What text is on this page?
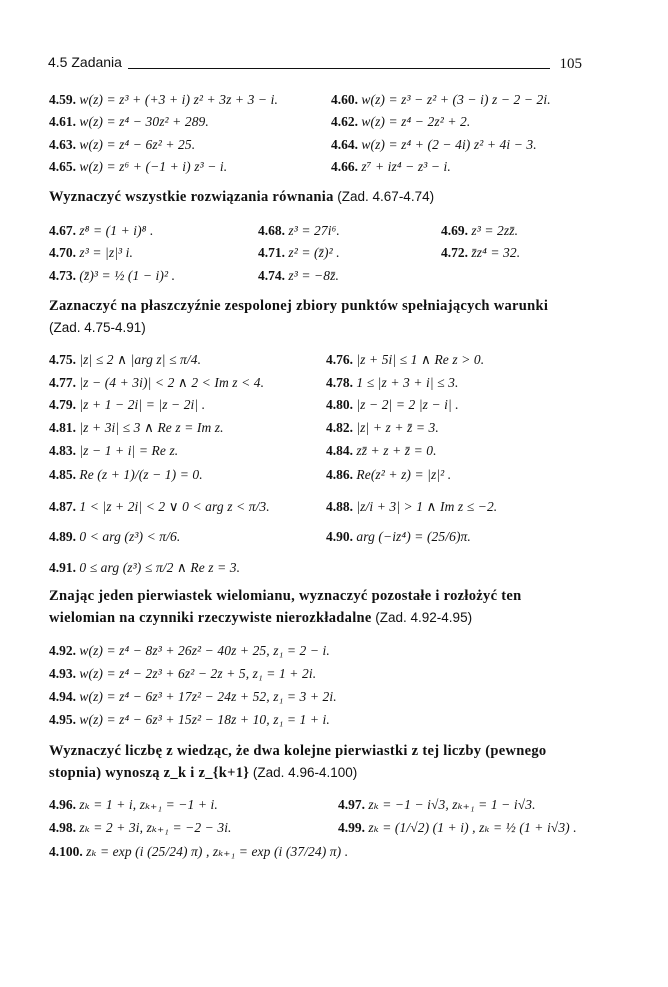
4.5 Zadania	105
4.59. w(z) = z³ + (+3 + i) z² + 3z + 3 − i.	4.60. w(z) = z³ − z² + (3 − i) z − 2 − 2i.
4.61. w(z) = z⁴ − 30z² + 289.	4.62. w(z) = z⁴ − 2z² + 2.
4.63. w(z) = z⁴ − 6z² + 25.	4.64. w(z) = z⁴ + (2 − 4i) z² + 4i − 3.
4.65. w(z) = z⁶ + (−1 + i) z³ − i.	4.66. z⁷ + iz⁴ − z³ − i.
Wyznaczyć wszystkie rozwiązania równania (Zad. 4.67-4.74)
4.67. z⁸ = (1 + i)⁸ .	4.68. z³ = 27i⁶.	4.69. z³ = 2zz̄.
4.70. z³ = |z|³ i.	4.71. z² = (z̄)² .	4.72. z̄z⁴ = 32.
4.73. (z̄)³ = ½ (1 − i)² .	4.74. z³ = −8z̄.
Zaznaczyć na płaszczyźnie zespolonej zbiory punktów spełniających warunki (Zad. 4.75-4.91)
4.75. |z| ≤ 2 ∧ |arg z| ≤ π/4.	4.76. |z + 5i| ≤ 1 ∧ Re z > 0.
4.77. |z − (4 + 3i)| < 2 ∧ 2 < Im z < 4.	4.78. 1 ≤ |z + 3 + i| ≤ 3.
4.79. |z + 1 − 2i| = |z − 2i| .	4.80. |z − 2| = 2 |z − i| .
4.81. |z + 3i| ≤ 3 ∧ Re z = Im z.	4.82. |z| + z + z̄ = 3.
4.83. |z − 1 + i| = Re z.	4.84. zz̄ + z + z̄ = 0.
4.85. Re (z + 1)/(z − 1) = 0.	4.86. Re(z² + z) = |z|² .
4.87. 1 < |z + 2i| < 2 ∨ 0 < arg z < π/3.	4.88. |z/i + 3| > 1 ∧ Im z ≤ −2.
4.89. 0 < arg (z³) < π/6.	4.90. arg (−iz⁴) = (25/6)π.
4.91. 0 ≤ arg (z³) ≤ π/2 ∧ Re z = 3.
Znając jeden pierwiastek wielomianu, wyznaczyć pozostałe i rozłożyć ten wielomian na czynniki rzeczywiste nierozkładalne (Zad. 4.92-4.95)
4.92. w(z) = z⁴ − 8z³ + 26z² − 40z + 25, z₁ = 2 − i.
4.93. w(z) = z⁴ − 2z³ + 6z² − 2z + 5, z₁ = 1 + 2i.
4.94. w(z) = z⁴ − 6z³ + 17z² − 24z + 52, z₁ = 3 + 2i.
4.95. w(z) = z⁴ − 6z³ + 15z² − 18z + 10, z₁ = 1 + i.
Wyznaczyć liczbę z wiedząc, że dwa kolejne pierwiastki z tej liczby (pewnego stopnia) wynoszą z_k i z_{k+1} (Zad. 4.96-4.100)
4.96. zₖ = 1 + i, zₖ₊₁ = −1 + i.	4.97. zₖ = −1 − i√3, zₖ₊₁ = 1 − i√3.
4.98. zₖ = 2 + 3i, zₖ₊₁ = −2 − 3i.	4.99. zₖ = (1/√2) (1 + i) , zₖ = ½ (1 + i√3) .
4.100. zₖ = exp (i (25/24) π) , zₖ₊₁ = exp (i (37/24) π) .
